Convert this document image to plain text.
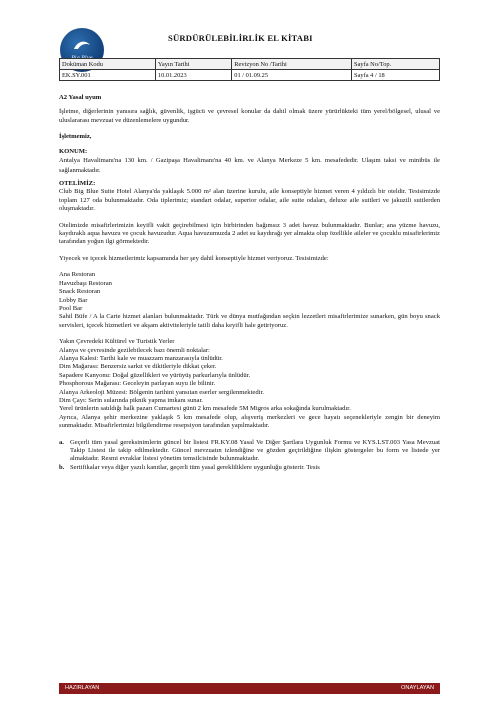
SÜRDÜRÜLEBİLİRLİK EL KİTABI
Doküman Kodu	Yayın Tarihi	Revizyon No /Tarihi	Sayfa No/Top.
EK.SY.001	10.01.2023	01 / 01.09.25	Sayfa 4 / 18

A2 Yasal uyum

İşletme, diğerlerinin yanısıra sağlık, güvenlik, işgücü ve çevresel konular da dahil olmak üzere yürürlükteki tüm yerel/bölgesel, ulusal ve uluslararası mevzuat ve düzenlemelere uygundur.

İşletmemiz,

KONUM:

Antalya Havalimanı'na 130 km. / Gazipaşa Havalimanı'na 40 km. ve Alanya Merkeze 5 km. mesafededir. Ulaşım taksi ve minibüs ile sağlanmaktadır.

OTELİMİZ:

Club Big Blue Suite Hotel Alanya'da yaklaşık 5.000 m² alan üzerine kurulu, aile konseptiyle hizmet veren 4 yıldızlı bir oteldir. Tesisimizde toplam 127 oda bulunmaktadır. Oda tiplerimiz; standart odalar, superior odalar, aile suite odaları, deluxe aile suitleri ve jakuzili suitlerden oluşmaktadır.

Otelimizde misafirlerimizin keyifli vakit geçirebilmesi için birbirinden bağımsız 3 adet havuz bulunmaktadır. Bunlar; ana yüzme havuzu, kaydıraklı aqua havuzu ve çocuk havuzudur. Aqua havuzumuzda 2 adet su kaydırağı yer almakta olup özellikle aileler ve çocuklu misafirlerimiz tarafından yoğun ilgi görmektedir.

Yiyecek ve içecek hizmetlerimiz kapsamında her şey dahil konseptiyle hizmet veriyoruz. Tesisimizde:

Ana Restoran

Havuzbaşı Restoran

Snack Restoran

Lobby Bar

Pool Bar

Sahil Büfe / A la Carte hizmet alanları bulunmaktadır. Türk ve dünya mutfağından seçkin lezzetleri misafirlerimize sunarken, gün boyu snack servisleri, içecek hizmetleri ve akşam aktiviteleriyle tatili daha keyifli hale getiriyoruz.

Yakın Çevredeki Kültürel ve Turistik Yerler

Alanya ve çevresinde gezilebilecek bazı önemli noktalar:

Alanya Kalesi: Tarihi kale ve muazzam manzarasıyla ünlüdür.

Dim Mağarası: Benzersiz sarkıt ve dikitleriyle dikkat çeker.

Sapadere Kanyonu: Doğal güzellikleri ve yürüyüş parkurlarıyla ünlüdür.

Phosphorous Mağarası: Geceleyin parlayan suyu ile bilinir.

Alanya Arkeoloji Müzesi: Bölgenin tarihini yansıtan eserler sergilenmektedir.

Dim Çayı: Serin sularında piknik yapma imkanı sunar.

Yerel ürünlerin satıldığı halk pazarı Cumartesi günü 2 km mesafede 5M Migros arka sokağında kurulmaktadır.

Ayrıca, Alanya şehir merkezine yaklaşık 5 km mesafede olup, alışveriş merkezleri ve gece hayatı seçenekleriyle zengin bir deneyim sunmaktadır. Misafirlerimizi bilgilendirme resepsiyon tarafından yapılmaktadır.

a. Geçerli tüm yasal gereksinimlerin güncel bir listesi FR.KY.08 Yasal Ve Diğer Şartlara Uygunluk Formu ve KYS.LST.003 Yasa Mevzuat Takip Listesi ile takip edilmektedir. Güncel mevzuatın izlendiğine ve gözden geçirildiğine ilişkin göstergeler bu form ve listede yer almaktadır. Resmi evraklar listesi yönetim temsilcisinde bulunmaktadır.
b. Sertifikalar veya diğer yazılı kanıtlar, geçerli tüm yasal gerekliliklere uygunluğu gösterir. Tesis
HAZIRLAYAN	ONAYLAYAN
